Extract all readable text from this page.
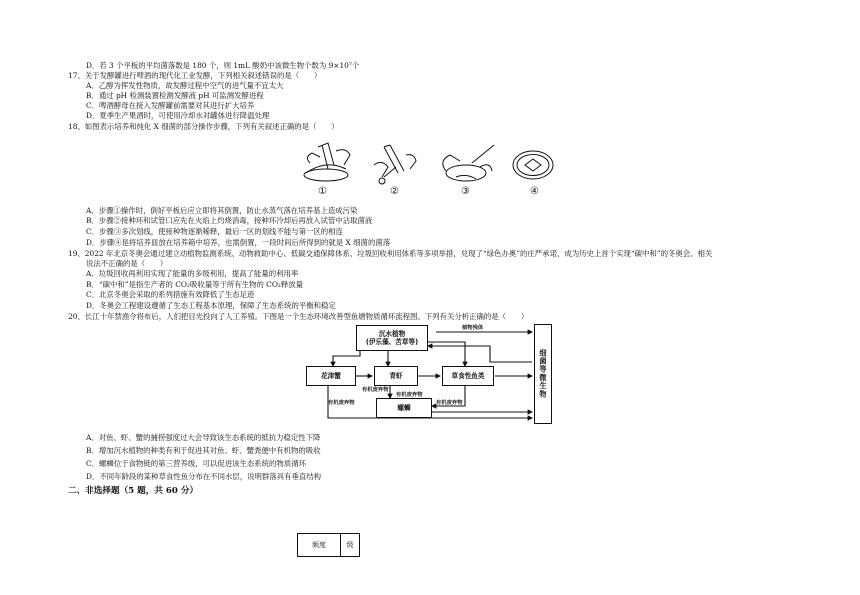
D．若 3 个平板的平均菌落数是 180 个，则 1mL 酸奶中该微生物个数为 9×10⁷个
17、关于发酵罐进行啤酒的现代化工业发酵，下列相关叙述错误的是（　　）
A．乙醇为挥发性物质，故发酵过程中空气的进气量不宜太大
B．通过 pH 检测装置检测发酵液 pH 可监测发酵进程
C．啤酒酵母在接入发酵罐前需要对其进行扩大培养
D．夏季生产果酒时，可使用冷却水对罐体进行降温处理
18、如图表示培养和纯化 X 细菌的部分操作步骤，下列有关叙述正确的是（　　）
①	②	③	④
A．步骤①操作时，倒好平板后应立即将其倒置，防止水蒸气落在培养基上造成污染
B．步骤②接种环和试管口应先在火焰上灼烧消毒，接种环冷却后再放入试管中沾取菌液
C．步骤③多次划线，使接种物逐渐稀释，最后一区的划线不能与第一区的相连
D．步骤④是将培养皿放在培养箱中培养，也需倒置，一段时间后所得到的就是 X 细菌的菌落
19、2022 年北京冬奥会通过建立动植物监测系统、动物救助中心、低碳交通保障体系、垃圾回收利用体系等多项举措，兑现了“绿色办奥”的庄严承诺，成为历史上首个实现“碳中和”的冬奥会。相关
说法不正确的是（　　）
A．垃圾回收再利用实现了能量的多级利用，提高了能量的利用率
B．“碳中和”是指生产者的 CO₂吸收量等于所有生物的 CO₂释放量
C．北京冬奥会采取的系列措施有效降低了生态足迹
D．冬奥会工程建设遵循了生态工程基本原理，保障了生态系统的平衡和稳定
20、长江十年禁渔令将布后，人们把目光投向了人工养殖。下图是一个生态环境改善型鱼塘物质循环流程图。下列有关分析正确的是（　　）
沉水植物
(伊乐藻、苦草等)
花津蟹	青虾	草食性鱼类
螺蛳
细菌等微生物
植物残体
有机废弃物
有机废弃物
有机废弃物	有机废弃物
A．对鱼、虾、蟹的捕捞强度过大会导致该生态系统的抵抗力稳定性下降
B．增加沉水植物的种类有利于促进其对鱼、虾、蟹粪便中有机物的吸收
C．螺蛳位于食物链的第三营养级，可以促进该生态系统的物质循环
D．不同年龄段的某种草食性鱼分布在不同水层，说明群落具有垂直结构
二、非选择题（5 题，共 60 分）
频度	级
